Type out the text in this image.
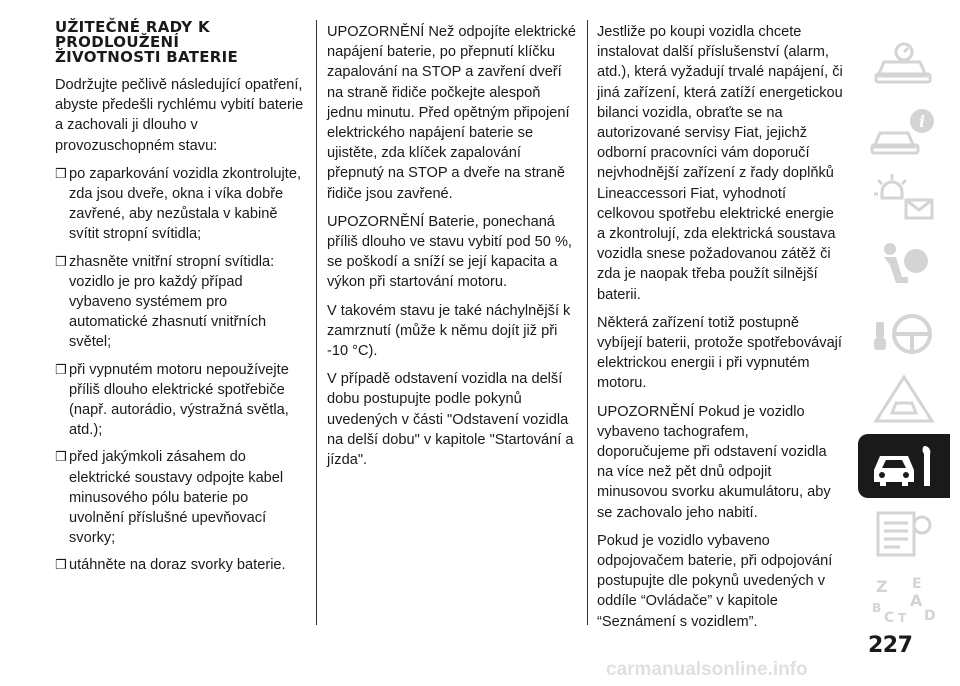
UŽITEČNÉ RADY K
PRODLOUŽENÍ
ŽIVOTNOSTI BATERIE

Dodržujte pečlivě následující opatření, abyste předešli rychlému vybití baterie a zachovali ji dlouho v provozuschopném stavu:

❒ po zaparkování vozidla zkontrolujte, zda jsou dveře, okna i víka dobře zavřené, aby nezůstala v kabině svítit stropní svítidla;
❒ zhasněte vnitřní stropní svítidla: vozidlo je pro každý případ vybaveno systémem pro automatické zhasnutí vnitřních světel;
❒ při vypnutém motoru nepoužívejte příliš dlouho elektrické spotřebiče (např. autorádio, výstražná světla, atd.);
❒ před jakýmkoli zásahem do elektrické soustavy odpojte kabel minusového pólu baterie po uvolnění příslušné upevňovací svorky;
❒ utáhněte na doraz svorky baterie.

UPOZORNĚNÍ Než odpojíte elektrické napájení baterie, po přepnutí klíčku zapalování na STOP a zavření dveří na straně řidiče počkejte alespoň jednu minutu. Před opětným připojení elektrického napájení baterie se ujistěte, zda klíček zapalování přepnutý na STOP a dveře na straně řidiče jsou zavřené.

UPOZORNĚNÍ Baterie, ponechaná příliš dlouho ve stavu vybití pod 50 %, se poškodí a sníží se její kapacita a výkon při startování motoru.

V takovém stavu je také náchylnější k zamrznutí (může k němu dojít již při -10 °C).

V případě odstavení vozidla na delší dobu postupujte podle pokynů uvedených v části "Odstavení vozidla na delší dobu" v kapitole "Startování a jízda".

Jestliže po koupi vozidla chcete instalovat další příslušenství (alarm, atd.), která vyžadují trvalé napájení, či jiná zařízení, která zatíží energetickou bilanci vozidla, obraťte se na autorizované servisy Fiat, jejichž odborní pracovníci vám doporučí nejvhodnější zařízení z řady doplňků Lineaccessori Fiat, vyhodnotí celkovou spotřebu elektrické energie a zkontrolují, zda elektrická soustava vozidla snese požadovanou zátěž či zda je naopak třeba použít silnější baterii.

Některá zařízení totiž postupně vybíjejí baterii, protože spotřebovávají elektrickou energii i při vypnutém motoru.

UPOZORNĚNÍ Pokud je vozidlo vybaveno tachografem, doporučujeme při odstavení vozidla na více než pět dnů odpojit minusovou svorku akumulátoru, aby se zachovalo jeho nabití.

Pokud je vozidlo vybaveno odpojovačem baterie, při odpojování postupujte dle pokynů uvedených v oddíle “Ovládače” v kapitole “Seznámení s vozidlem”.

i
Z E
A
B
C T D
227
carmanualsonline.info
